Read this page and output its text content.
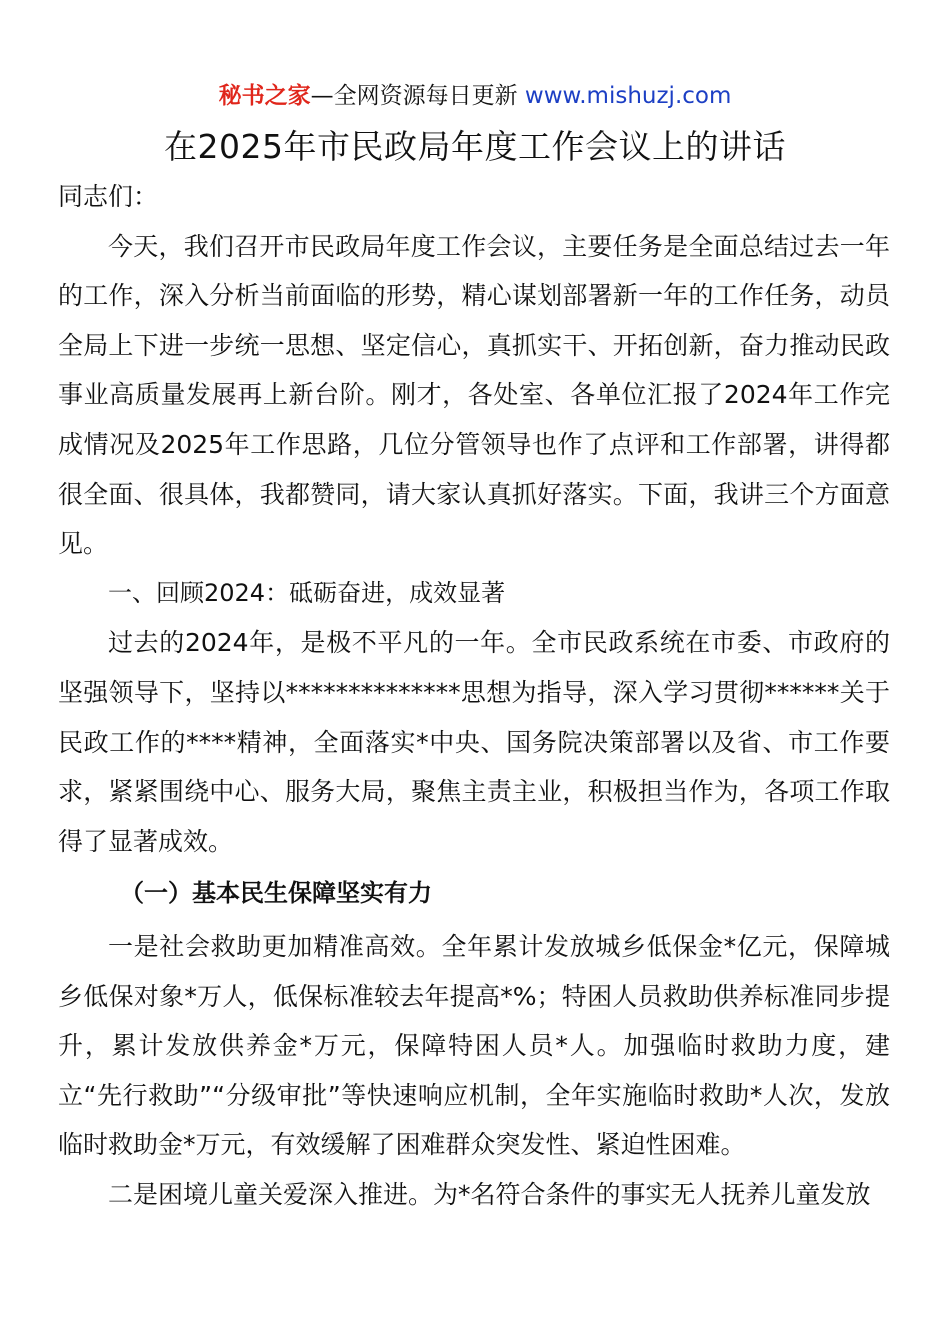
秘书之家—全网资源每日更新 www.mishuzj.com
在2025年市民政局年度工作会议上的讲话

同志们：

今天，我们召开市民政局年度工作会议，主要任务是全面总结过去一年的工作，深入分析当前面临的形势，精心谋划部署新一年的工作任务，动员全局上下进一步统一思想、坚定信心，真抓实干、开拓创新，奋力推动民政事业高质量发展再上新台阶。刚才，各处室、各单位汇报了2024年工作完成情况及2025年工作思路，几位分管领导也作了点评和工作部署，讲得都很全面、很具体，我都赞同，请大家认真抓好落实。下面，我讲三个方面意见。

一、回顾2024：砥砺奋进，成效显著

过去的2024年，是极不平凡的一年。全市民政系统在市委、市政府的坚强领导下，坚持以**************思想为指导，深入学习贯彻******关于民政工作的****精神，全面落实*中央、国务院决策部署以及省、市工作要求，紧紧围绕中心、服务大局，聚焦主责主业，积极担当作为，各项工作取得了显著成效。

（一）基本民生保障坚实有力

一是社会救助更加精准高效。全年累计发放城乡低保金*亿元，保障城乡低保对象*万人，低保标准较去年提高*%；特困人员救助供养标准同步提升，累计发放供养金*万元，保障特困人员*人。加强临时救助力度，建立“先行救助”“分级审批”等快速响应机制，全年实施临时救助*人次，发放临时救助金*万元，有效缓解了困难群众突发性、紧迫性困难。

二是困境儿童关爱深入推进。为*名符合条件的事实无人抚养儿童发放
